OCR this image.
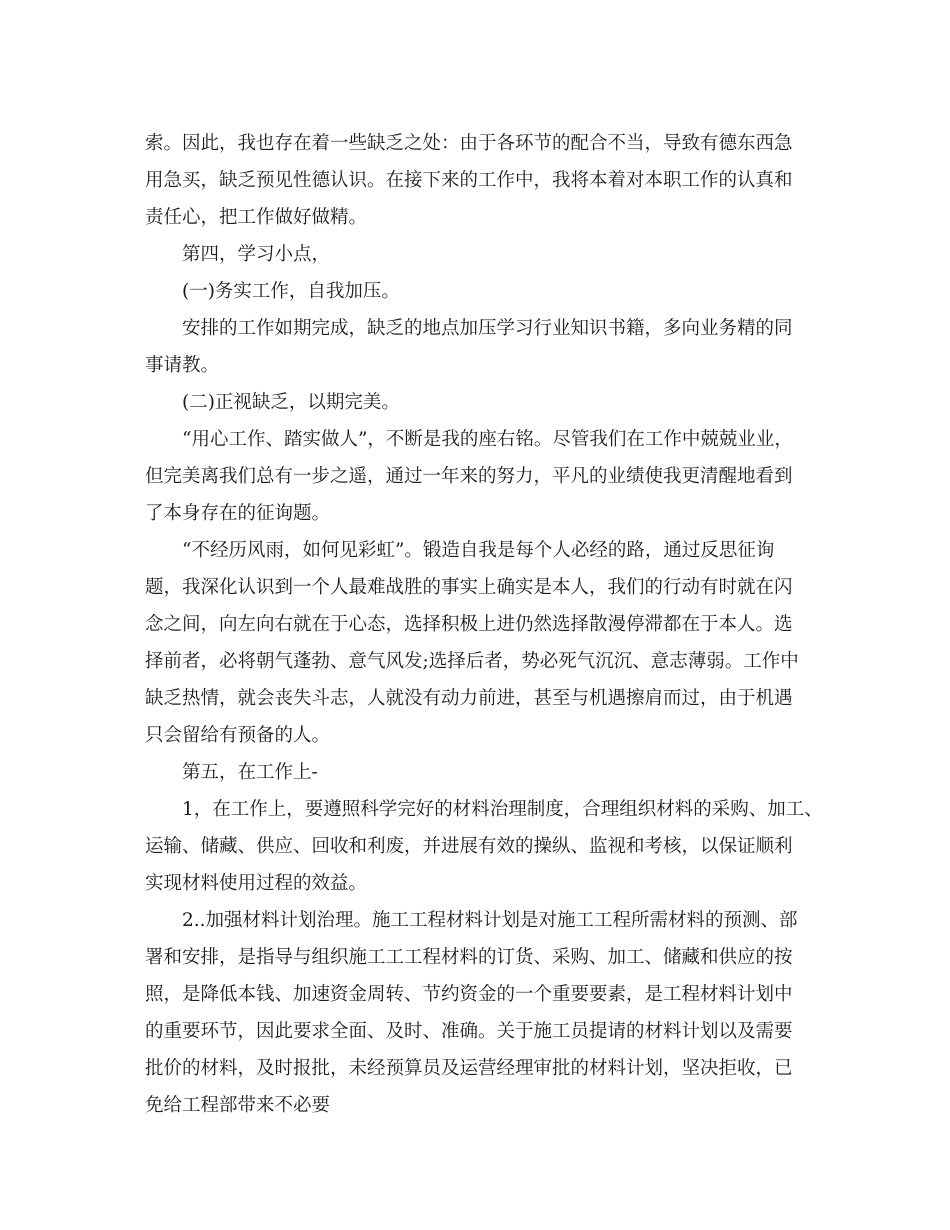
索。因此，我也存在着一些缺乏之处：由于各环节的配合不当，导致有德东西急
用急买，缺乏预见性德认识。在接下来的工作中，我将本着对本职工作的认真和
责任心，把工作做好做精。
第四，学习小点，
(一)务实工作，自我加压。
安排的工作如期完成，缺乏的地点加压学习行业知识书籍，多向业务精的同
事请教。
(二)正视缺乏，以期完美。
“用心工作、踏实做人”，不断是我的座右铭。尽管我们在工作中兢兢业业，
但完美离我们总有一步之遥，通过一年来的努力，平凡的业绩使我更清醒地看到
了本身存在的征询题。
“不经历风雨，如何见彩虹”。锻造自我是每个人必经的路，通过反思征询
题，我深化认识到一个人最难战胜的事实上确实是本人，我们的行动有时就在闪
念之间，向左向右就在于心态，选择积极上进仍然选择散漫停滞都在于本人。选
择前者，必将朝气蓬勃、意气风发;选择后者，势必死气沉沉、意志薄弱。工作中
缺乏热情，就会丧失斗志，人就没有动力前进，甚至与机遇擦肩而过，由于机遇
只会留给有预备的人。
第五，在工作上-
1，在工作上，要遵照科学完好的材料治理制度，合理组织材料的采购、加工、
运输、储藏、供应、回收和利废，并进展有效的操纵、监视和考核，以保证顺利
实现材料使用过程的效益。
2..加强材料计划治理。施工工程材料计划是对施工工程所需材料的预测、部
署和安排，是指导与组织施工工工程材料的订货、采购、加工、储藏和供应的按
照，是降低本钱、加速资金周转、节约资金的一个重要要素，是工程材料计划中
的重要环节，因此要求全面、及时、准确。关于施工员提请的材料计划以及需要
批价的材料，及时报批，未经预算员及运营经理审批的材料计划，坚决拒收，已
免给工程部带来不必要
